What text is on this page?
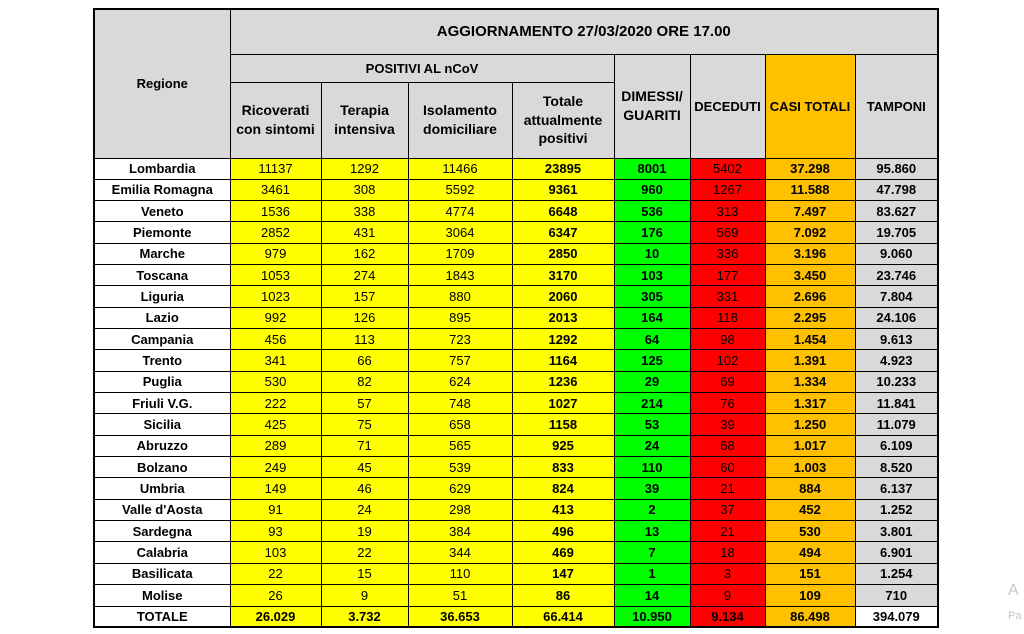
Regione	AGGIORNAMENTO 27/03/2020 ORE 17.00							
	POSITIVI AL nCoV				DIMESSI/ GUARITI	DECEDUTI	CASI TOTALI	TAMPONI
	Ricoverati con sintomi	Terapia intensiva	Isolamento domiciliare	Totale attualmente positivi				
Lombardia	11137	1292	11466	23895	8001	5402	37.298	95.860
Emilia Romagna	3461	308	5592	9361	960	1267	11.588	47.798
Veneto	1536	338	4774	6648	536	313	7.497	83.627
Piemonte	2852	431	3064	6347	176	569	7.092	19.705
Marche	979	162	1709	2850	10	336	3.196	9.060
Toscana	1053	274	1843	3170	103	177	3.450	23.746
Liguria	1023	157	880	2060	305	331	2.696	7.804
Lazio	992	126	895	2013	164	118	2.295	24.106
Campania	456	113	723	1292	64	98	1.454	9.613
Trento	341	66	757	1164	125	102	1.391	4.923
Puglia	530	82	624	1236	29	69	1.334	10.233
Friuli V.G.	222	57	748	1027	214	76	1.317	11.841
Sicilia	425	75	658	1158	53	39	1.250	11.079
Abruzzo	289	71	565	925	24	68	1.017	6.109
Bolzano	249	45	539	833	110	60	1.003	8.520
Umbria	149	46	629	824	39	21	884	6.137
Valle d'Aosta	91	24	298	413	2	37	452	1.252
Sardegna	93	19	384	496	13	21	530	3.801
Calabria	103	22	344	469	7	18	494	6.901
Basilicata	22	15	110	147	1	3	151	1.254
Molise	26	9	51	86	14	9	109	710
TOTALE	26.029	3.732	36.653	66.414	10.950	9.134	86.498	394.079
A
Pa
